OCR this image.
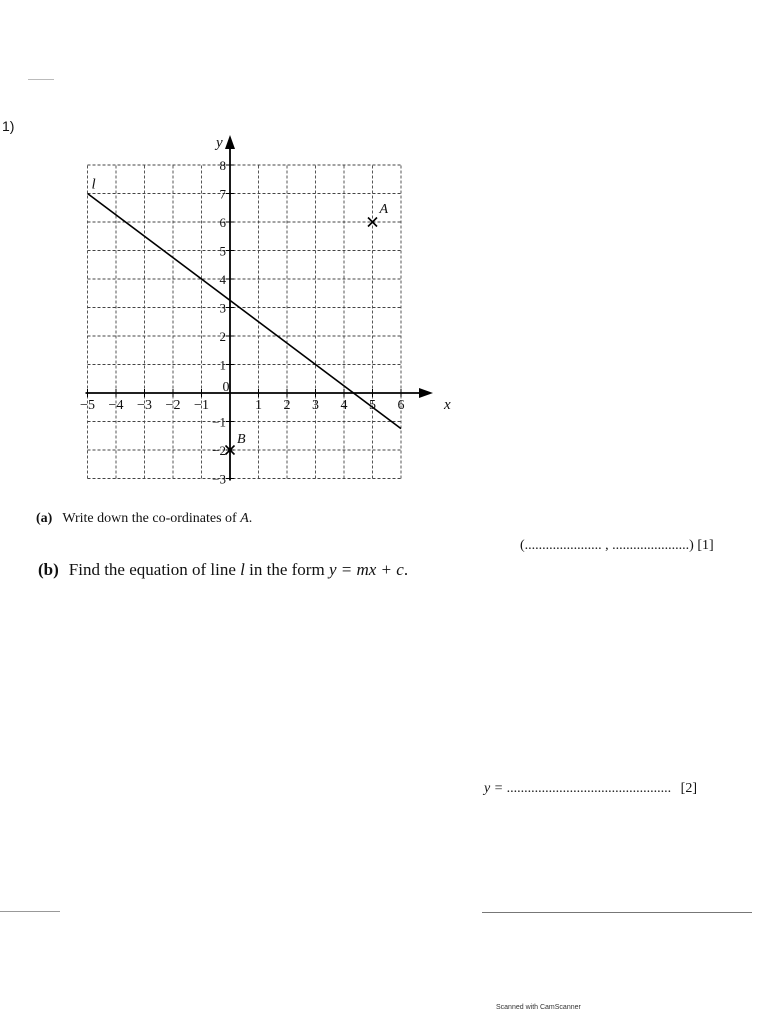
1)
−5 −4 −3 −2 −1
0
1 2 3 4 5 6
8
7
6
5
4
3
2
1
−1
−2
−3
x
y
l
A
B
(a) Write down the co-ordinates of A.
(...................... , ......................) [1]
(b) Find the equation of line l in the form y = mx + c.
y = ............................................... [2]
Scanned with CamScanner
